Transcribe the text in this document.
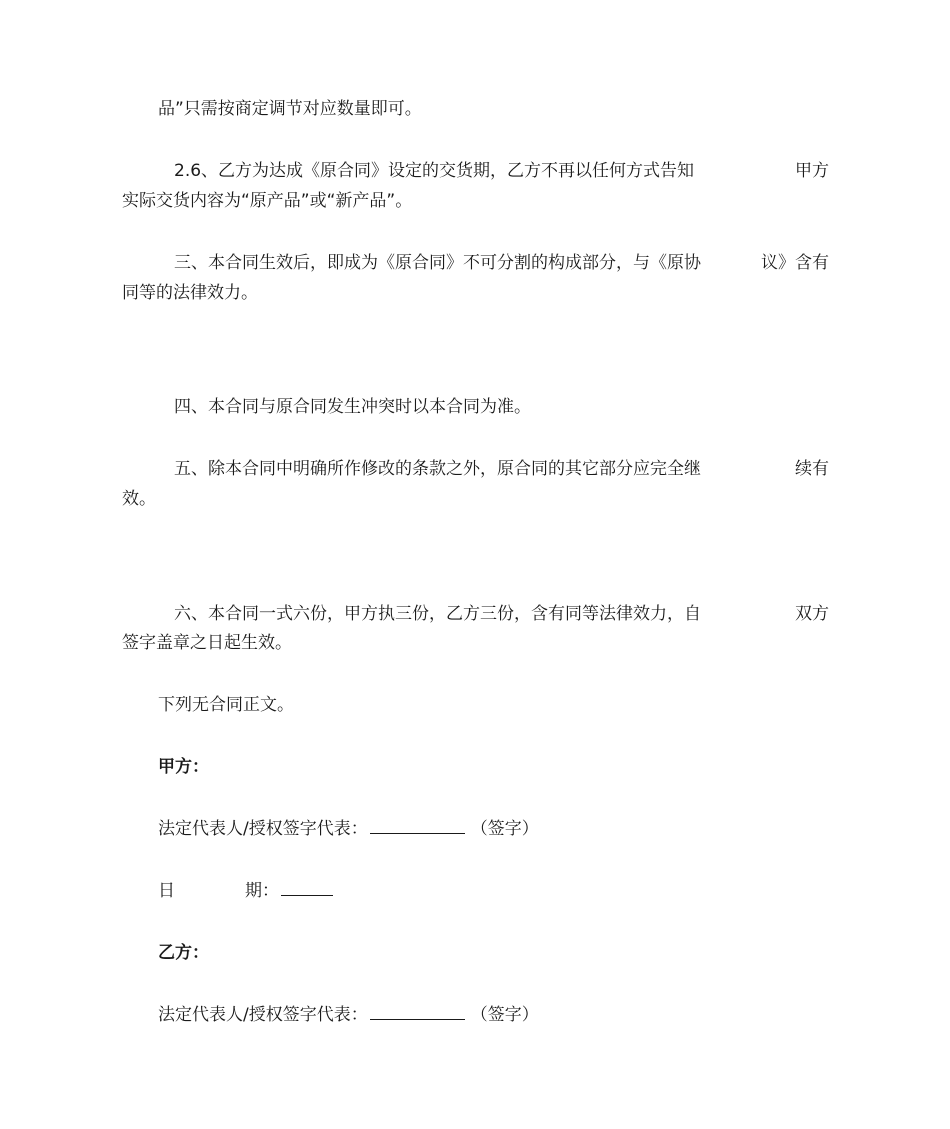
品”只需按商定调节对应数量即可。
2.6、乙方为达成《原合同》设定的交货期，乙方不再以任何方式告知	甲方
实际交货内容为“原产品”或“新产品”。
三、本合同生效后，即成为《原合同》不可分割的构成部分，与《原协	议》含有
同等的法律效力。
四、本合同与原合同发生冲突时以本合同为准。
五、除本合同中明确所作修改的条款之外，原合同的其它部分应完全继	续有
效。
六、本合同一式六份，甲方执三份，乙方三份，含有同等法律效力，自	双方
签字盖章之日起生效。
下列无合同正文。
甲方：
法定代表人/授权签字代表：	（签字）
日	期：
乙方：
法定代表人/授权签字代表：	（签字）
